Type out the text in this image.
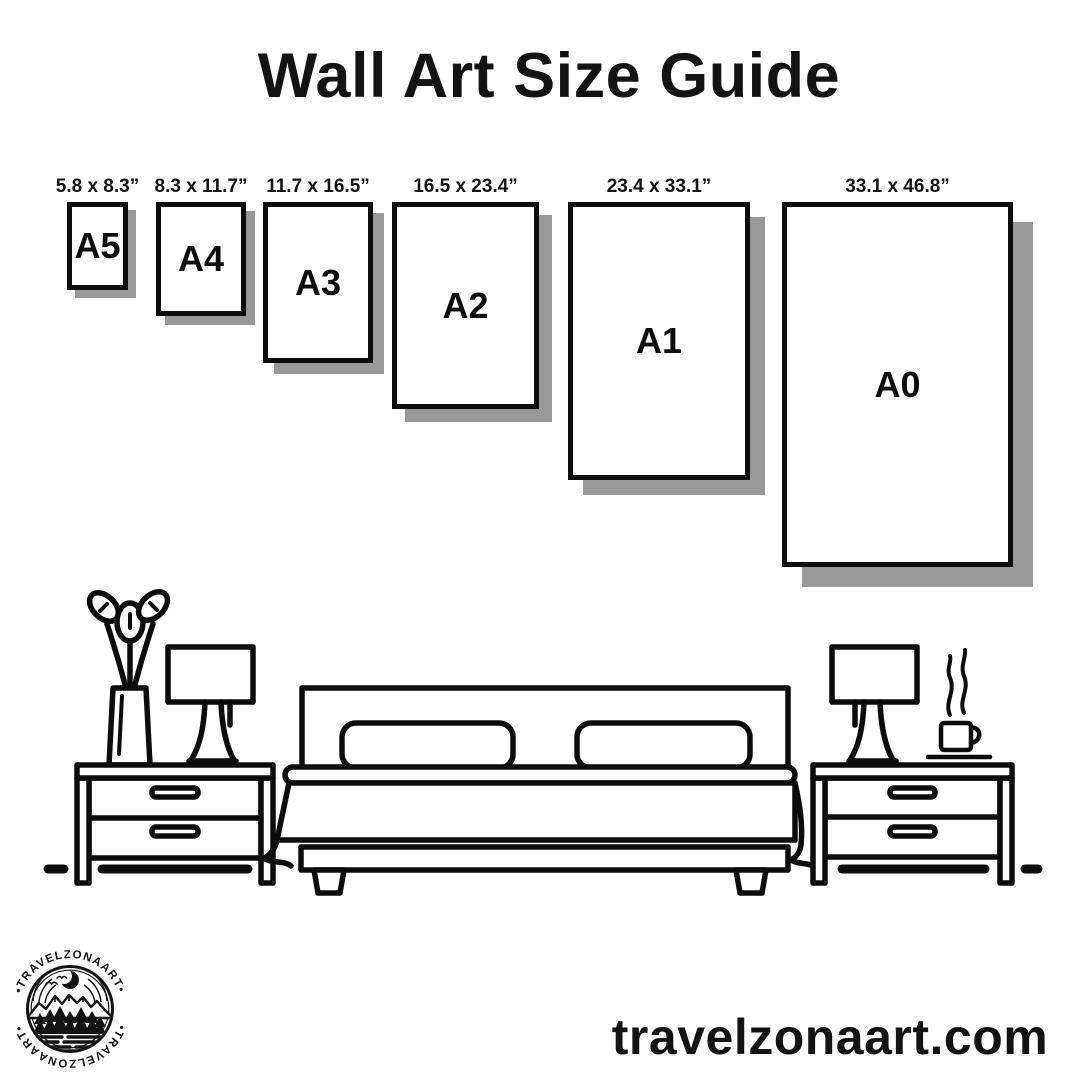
Wall Art Size Guide
5.8 x 8.3”
A5
8.3 x 11.7”
A4
11.7 x 16.5”
A3
16.5 x 23.4”
A2
23.4 x 33.1”
A1
33.1 x 46.8”
A0
•TRAVELZONAART•
•TRAVELZONAART•	travelzonaart.com
